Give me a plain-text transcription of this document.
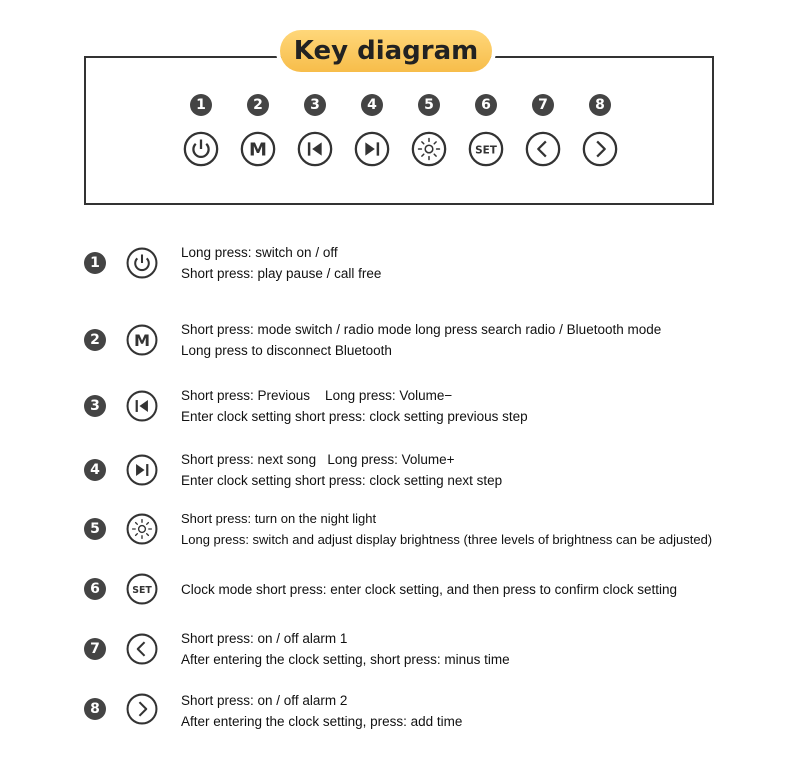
Key diagram
1	2	3	4	5	6	7	8
M	SET
1
Long press: switch on / off
Short press: play pause / call free
2	M
Short press: mode switch / radio mode long press search radio / Bluetooth mode
Long press to disconnect Bluetooth
3
Short press: Previous    Long press: Volume−
Enter clock setting short press: clock setting previous step
4
Short press: next song   Long press: Volume+
Enter clock setting short press: clock setting next step
5
Short press: turn on the night light
Long press: switch and adjust display brightness (three levels of brightness can be adjusted)
6	SET Clock mode short press: enter clock setting, and then press to confirm clock setting
7
Short press: on / off alarm 1
After entering the clock setting, short press: minus time
8
Short press: on / off alarm 2
After entering the clock setting, press: add time
